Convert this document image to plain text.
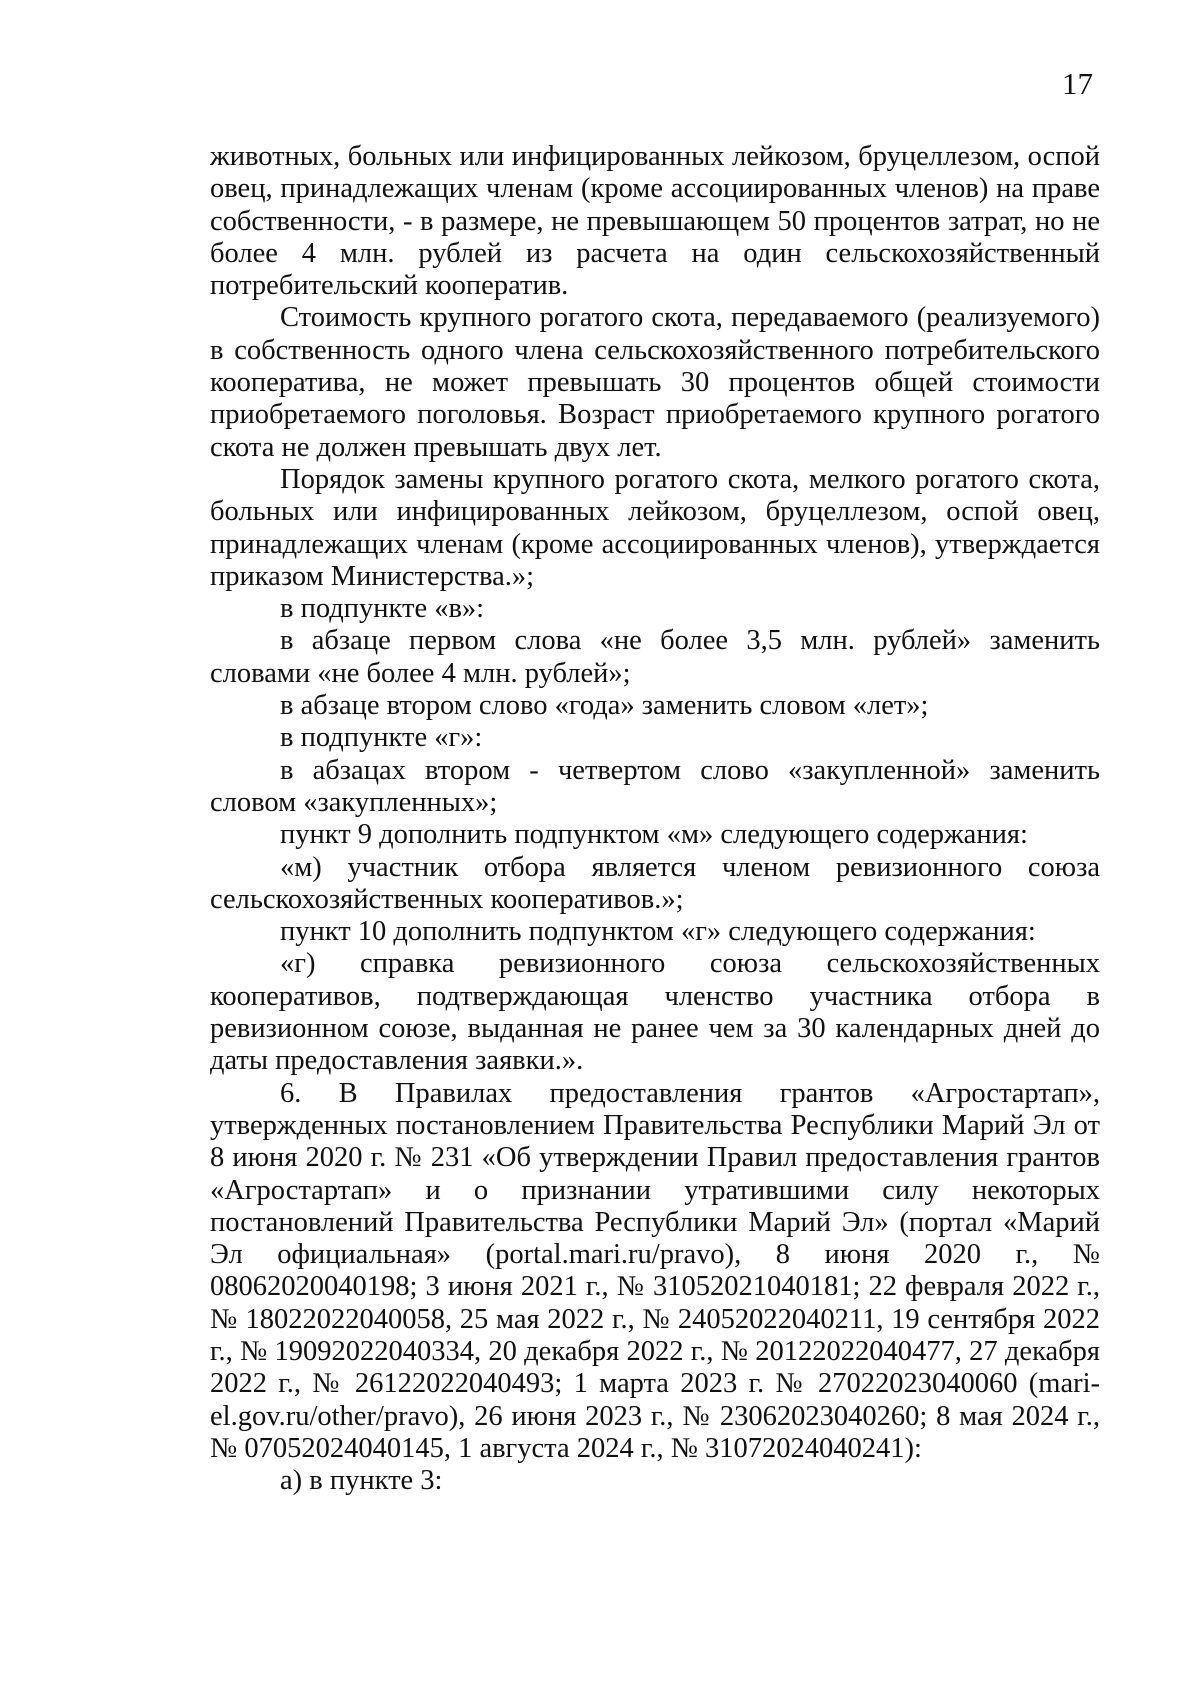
17

животных, больных или инфицированных лейкозом, бруцеллезом, оспой овец, принадлежащих членам (кроме ассоциированных членов) на праве собственности, - в размере, не превышающем 50 процентов затрат, но не более 4 млн. рублей из расчета на один сельскохозяйственный потребительский кооператив.

Стоимость крупного рогатого скота, передаваемого (реализуемого) в собственность одного члена сельскохозяйственного потребительского кооператива, не может превышать 30 процентов общей стоимости приобретаемого поголовья. Возраст приобретаемого крупного рогатого скота не должен превышать двух лет.

Порядок замены крупного рогатого скота, мелкого рогатого скота, больных или инфицированных лейкозом, бруцеллезом, оспой овец, принадлежащих членам (кроме ассоциированных членов), утверждается приказом Министерства.»;

в подпункте «в»:

в абзаце первом слова «не более 3,5 млн. рублей» заменить словами «не более 4 млн. рублей»;

в абзаце втором слово «года» заменить словом «лет»;

в подпункте «г»:

в абзацах втором - четвертом слово «закупленной» заменить словом «закупленных»;

пункт 9 дополнить подпунктом «м» следующего содержания:

«м) участник отбора является членом ревизионного союза сельскохозяйственных кооперативов.»;

пункт 10 дополнить подпунктом «г» следующего содержания:

«г) справка ревизионного союза сельскохозяйственных кооперативов, подтверждающая членство участника отбора в ревизионном союзе, выданная не ранее чем за 30 календарных дней до даты предоставления заявки.».

6. В Правилах предоставления грантов «Агростартап», утвержденных постановлением Правительства Республики Марий Эл от 8 июня 2020 г. № 231 «Об утверждении Правил предоставления грантов «Агростартап» и о признании утратившими силу некоторых постановлений Правительства Республики Марий Эл» (портал «Марий Эл официальная» (portal.mari.ru/pravo), 8 июня 2020 г., № 08062020040198; 3 июня 2021 г., № 31052021040181; 22 февраля 2022 г., № 18022022040058, 25 мая 2022 г., № 24052022040211, 19 сентября 2022 г., № 19092022040334, 20 декабря 2022 г., № 20122022040477, 27 декабря 2022 г., № 26122022040493; 1 марта 2023 г. № 27022023040060 (mari-el.gov.ru/other/pravo), 26 июня 2023 г., № 23062023040260; 8 мая 2024 г., № 07052024040145, 1 августа 2024 г., № 31072024040241):

а) в пункте 3:
